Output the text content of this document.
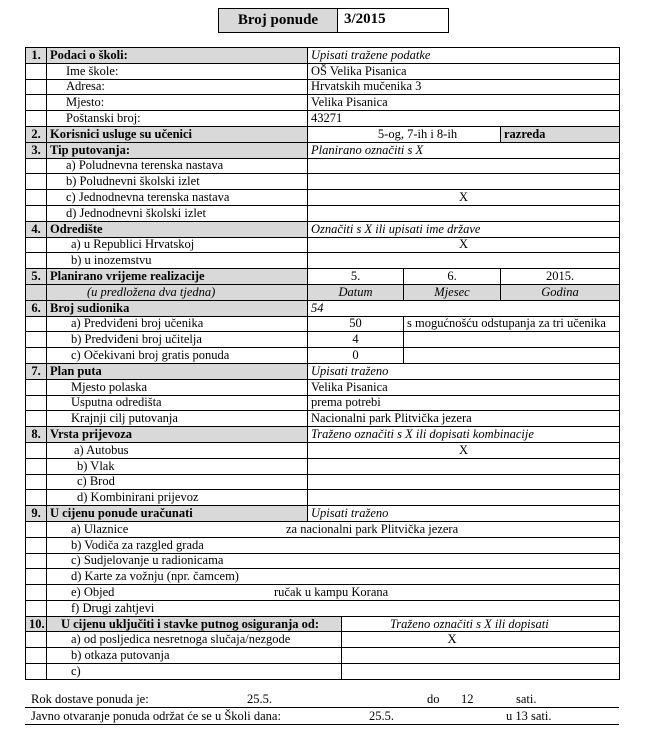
Broj ponude	3/2015
1.	Podaci o školi:	Upisati tražene podatke			
	Ime škole:	OŠ Velika Pisanica			
	Adresa:	Hrvatskih mučenika 3			
	Mjesto:	Velika Pisanica			
	Poštanski broj:	43271			
2.	Korisnici usluge su učenici	5-og, 7-ih i 8-ih			razreda
3.	Tip putovanja:	Planirano označiti s X			
	a) Poludnevna terenska nastava				
	b) Poludnevni školski izlet				
	c) Jednodnevna terenska nastava	X			
	d) Jednodnevni školski izlet				
4.	Odredište	Označiti s X ili upisati ime države			
	a) u Republici Hrvatskoj	X			
	b) u inozemstvu				
5.	Planirano vrijeme realizacije	5.		6.	2015.
	(u predložena dva tjedna)	Datum		Mjesec	Godina
6.	Broj sudionika	54			
	a) Predviđeni broj učenika	50		s mogućnošću odstupanja za tri učenika	
	b) Predviđeni broj učitelja	4			
	c) Očekivani broj gratis ponuda	0			
7.	Plan puta	Upisati traženo			
	Mjesto polaska	Velika Pisanica			
	Usputna odredišta	prema potrebi			
	Krajnji cilj putovanja	Nacionalni park Plitvička jezera			
8.	Vrsta prijevoza	Traženo označiti s X ili dopisati kombinacije			
	a) Autobus	X			
	b) Vlak				
	c) Brod				
	d) Kombinirani prijevoz				
9.	U cijenu ponude uračunati	Upisati traženo			
	a) Ulaznice za nacionalni park Plitvička jezera				
	b) Vodiča za razgled grada				
	c) Sudjelovanje u radionicama				
	d) Karte za vožnju (npr. čamcem)				
	e) Objed ručak u kampu Korana				
	f) Drugi zahtjevi				
10.	U cijenu uključiti i stavke putnog osiguranja od:		Traženo označiti s X ili dopisati		
	a) od posljedica nesretnoga slučaja/nezgode		X		
	b) otkaza putovanja				
	c)				
Rok dostave ponuda je:	25.5.	do 12	sati.
Javno otvaranje ponuda održat će se u Školi dana:	25.5.	u 13 sati.
